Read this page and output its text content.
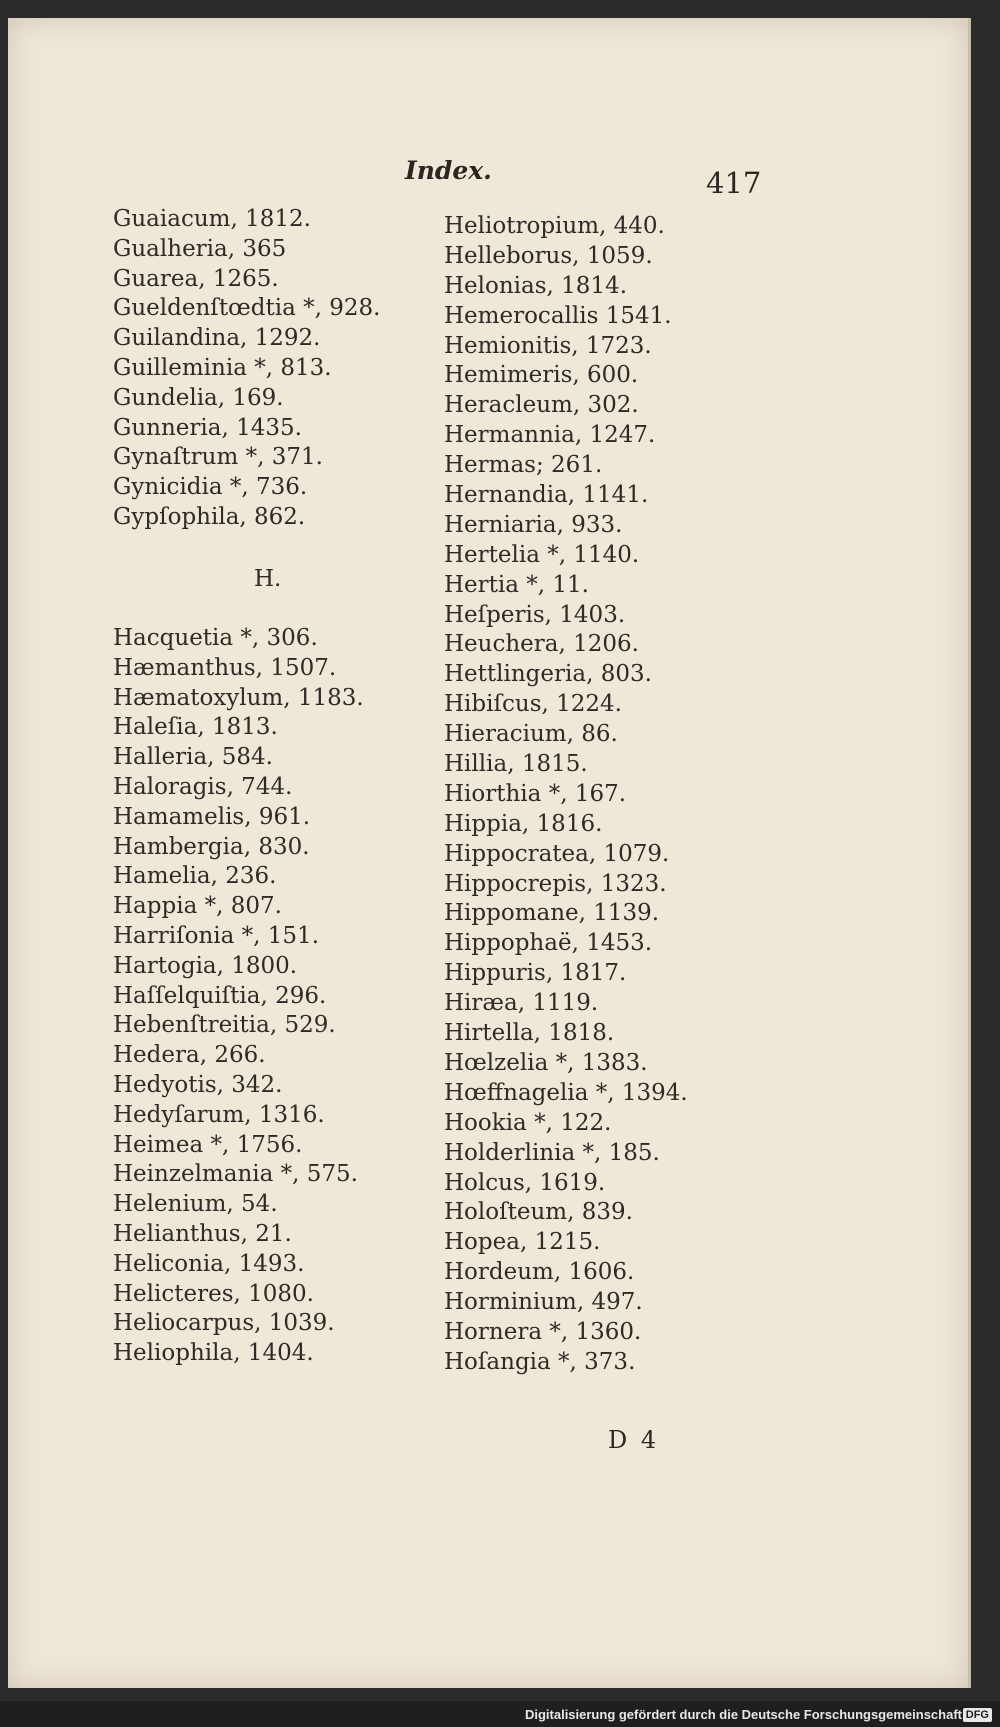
Index.	417
Guaiacum, 1812.
Gualheria, 365
Guarea, 1265.
Gueldenſtœdtia *, 928.
Guilandina, 1292.
Guilleminia *, 813.
Gundelia, 169.
Gunneria, 1435.
Gynaſtrum *, 371.
Gynicidia *, 736.
Gypſophila, 862.
H.
Hacquetia *, 306.
Hæmanthus, 1507.
Hæmatoxylum, 1183.
Haleſia, 1813.
Halleria, 584.
Haloragis, 744.
Hamamelis, 961.
Hambergia, 830.
Hamelia, 236.
Happia *, 807.
Harriſonia *, 151.
Hartogia, 1800.
Haſſelquiſtia, 296.
Hebenſtreitia, 529.
Hedera, 266.
Hedyotis, 342.
Hedyſarum, 1316.
Heimea *, 1756.
Heinzelmania *, 575.
Helenium, 54.
Helianthus, 21.
Heliconia, 1493.
Helicteres, 1080.
Heliocarpus, 1039.
Heliophila, 1404.
Heliotropium, 440.
Helleborus, 1059.
Helonias, 1814.
Hemerocallis 1541.
Hemionitis, 1723.
Hemimeris, 600.
Heracleum, 302.
Hermannia, 1247.
Hermas; 261.
Hernandia, 1141.
Herniaria, 933.
Hertelia *, 1140.
Hertia *, 11.
Heſperis, 1403.
Heuchera, 1206.
Hettlingeria, 803.
Hibiſcus, 1224.
Hieracium, 86.
Hillia, 1815.
Hiorthia *, 167.
Hippia, 1816.
Hippocratea, 1079.
Hippocrepis, 1323.
Hippomane, 1139.
Hippophaë, 1453.
Hippuris, 1817.
Hiræa, 1119.
Hirtella, 1818.
Hœlzelia *, 1383.
Hœffnagelia *, 1394.
Hookia *, 122.
Holderlinia *, 185.
Holcus, 1619.
Holoſteum, 839.
Hopea, 1215.
Hordeum, 1606.
Horminium, 497.
Hornera *, 1360.
Hoſangia *, 373.
D 4
Digitalisierung gefördert durch die Deutsche Forschungsgemeinschaft DFG
